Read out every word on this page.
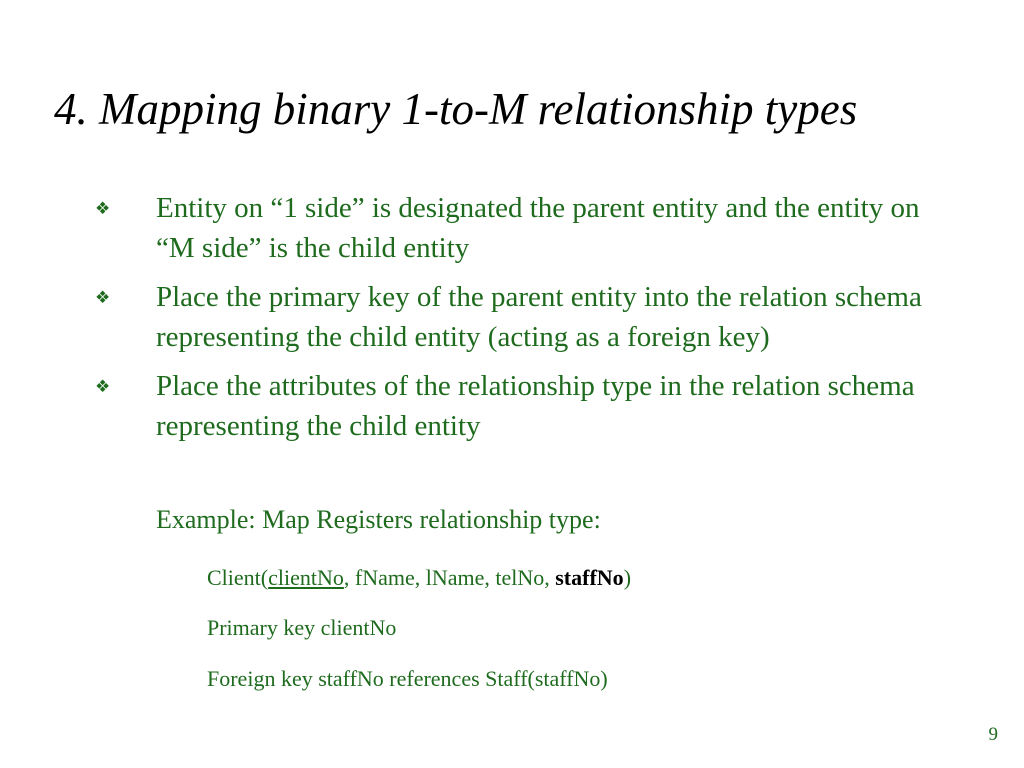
4. Mapping binary 1-to-M relationship types
❖ Entity on “1 side” is designated the parent entity and the entity on “M side” is the child entity
❖ Place the primary key of the parent entity into the relation schema representing the child entity (acting as a foreign key)
❖ Place the attributes of the relationship type in the relation schema representing the child entity

Example: Map Registers relationship type:

Client(clientNo, fName, lName, telNo, staffNo)

Primary key clientNo

Foreign key staffNo references Staff(staffNo)

9
